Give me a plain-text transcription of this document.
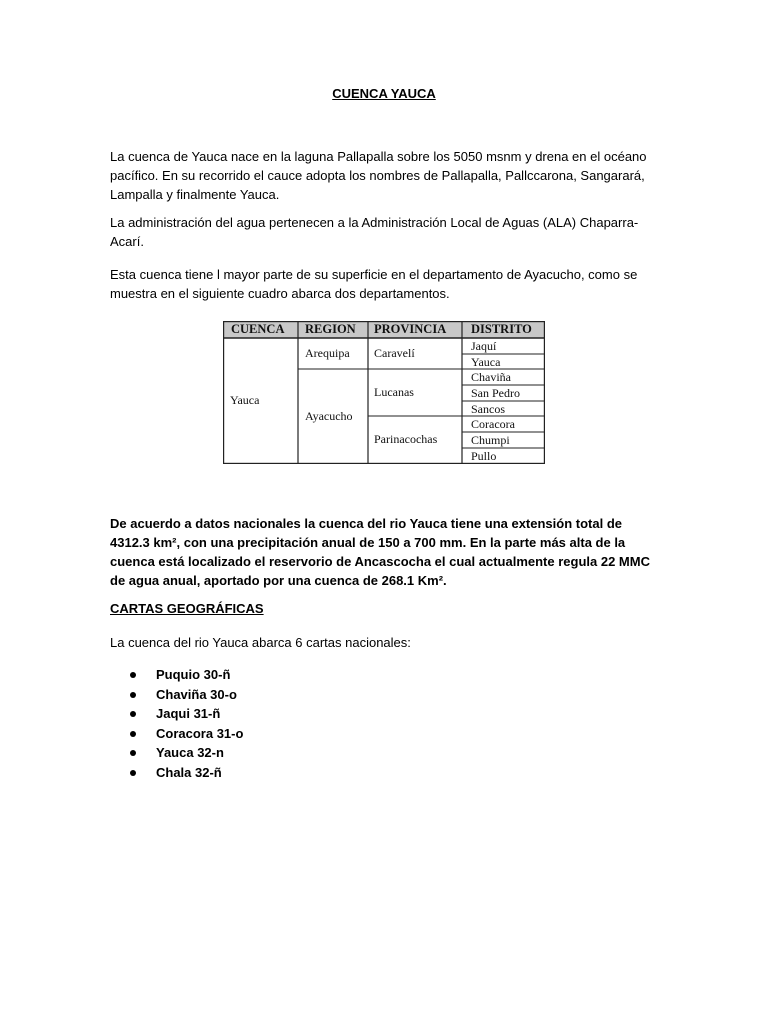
CUENCA YAUCA

La cuenca de Yauca nace en la laguna Pallapalla sobre los 5050 msnm y drena en el océano pacífico. En su recorrido el cauce adopta los nombres de Pallapalla, Pallccarona, Sangarará, Lampalla y finalmente Yauca.

La administración del agua pertenecen a la Administración Local de Aguas (ALA) Chaparra-Acarí.

Esta cuenca tiene l mayor parte de su superficie en el departamento de Ayacucho, como se muestra en el siguiente cuadro abarca dos departamentos.

CUENCA REGION PROVINCIA DISTRITO
Yauca
Arequipa
Ayacucho
Caravelí
Lucanas
Parinacochas
Jaquí
Yauca
Chaviña
San Pedro
Sancos
Coracora
Chumpi
Pullo

De acuerdo a datos nacionales la cuenca del rio Yauca tiene una extensión total de 4312.3 km², con una precipitación anual de 150 a 700 mm. En la parte más alta de la cuenca está localizado el reservorio de Ancascocha el cual actualmente regula 22 MMC de agua anual, aportado por una cuenca de 268.1 Km².

CARTAS GEOGRÁFICAS

La cuenca del rio Yauca abarca 6 cartas nacionales:

Puquio 30-ñ
Chaviña 30-o
Jaqui 31-ñ
Coracora 31-o
Yauca 32-n
Chala 32-ñ
